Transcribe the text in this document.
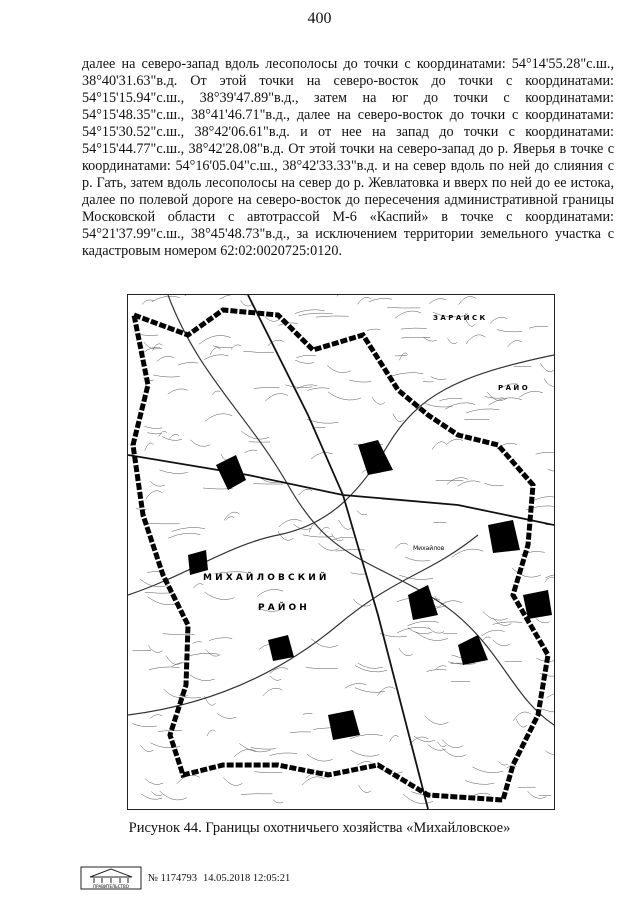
400

далее на северо-запад вдоль лесополосы до точки с координатами: 54°14'55.28"с.ш., 38°40'31.63"в.д. От этой точки на северо-восток до точки с координатами: 54°15'15.94"с.ш., 38°39'47.89"в.д., затем на юг до точки с координатами: 54°15'48.35"с.ш., 38°41'46.71"в.д., далее на северо-восток до точки с координатами: 54°15'30.52"с.ш., 38°42'06.61"в.д. и от нее на запад до точки с координатами: 54°15'44.77"с.ш., 38°42'28.08"в.д. От этой точки на северо-запад до р. Яверья в точке с координатами: 54°16'05.04"с.ш., 38°42'33.33"в.д. и на север вдоль по ней до слияния с р. Гать, затем вдоль лесополосы на север до р. Жевлатовка и вверх по ней до ее истока, далее по полевой дороге на северо-восток до пересечения административной границы Московской области с автотрассой М-6 «Каспий» в точке с координатами: 54°21'37.99"с.ш., 38°45'48.73"в.д., за исключением территории земельного участка с кадастровым номером 62:02:0020725:0120.

Михайлов
М И Х А Й Л О В С К И Й
Р А Й О Н
З А Р А Й С К
Р А Й О
Рисунок 44. Границы охотничьего хозяйства «Михайловское»
ПРАВИТЕЛЬСТВО
№ 1174793 14.05.2018 12:05:21
